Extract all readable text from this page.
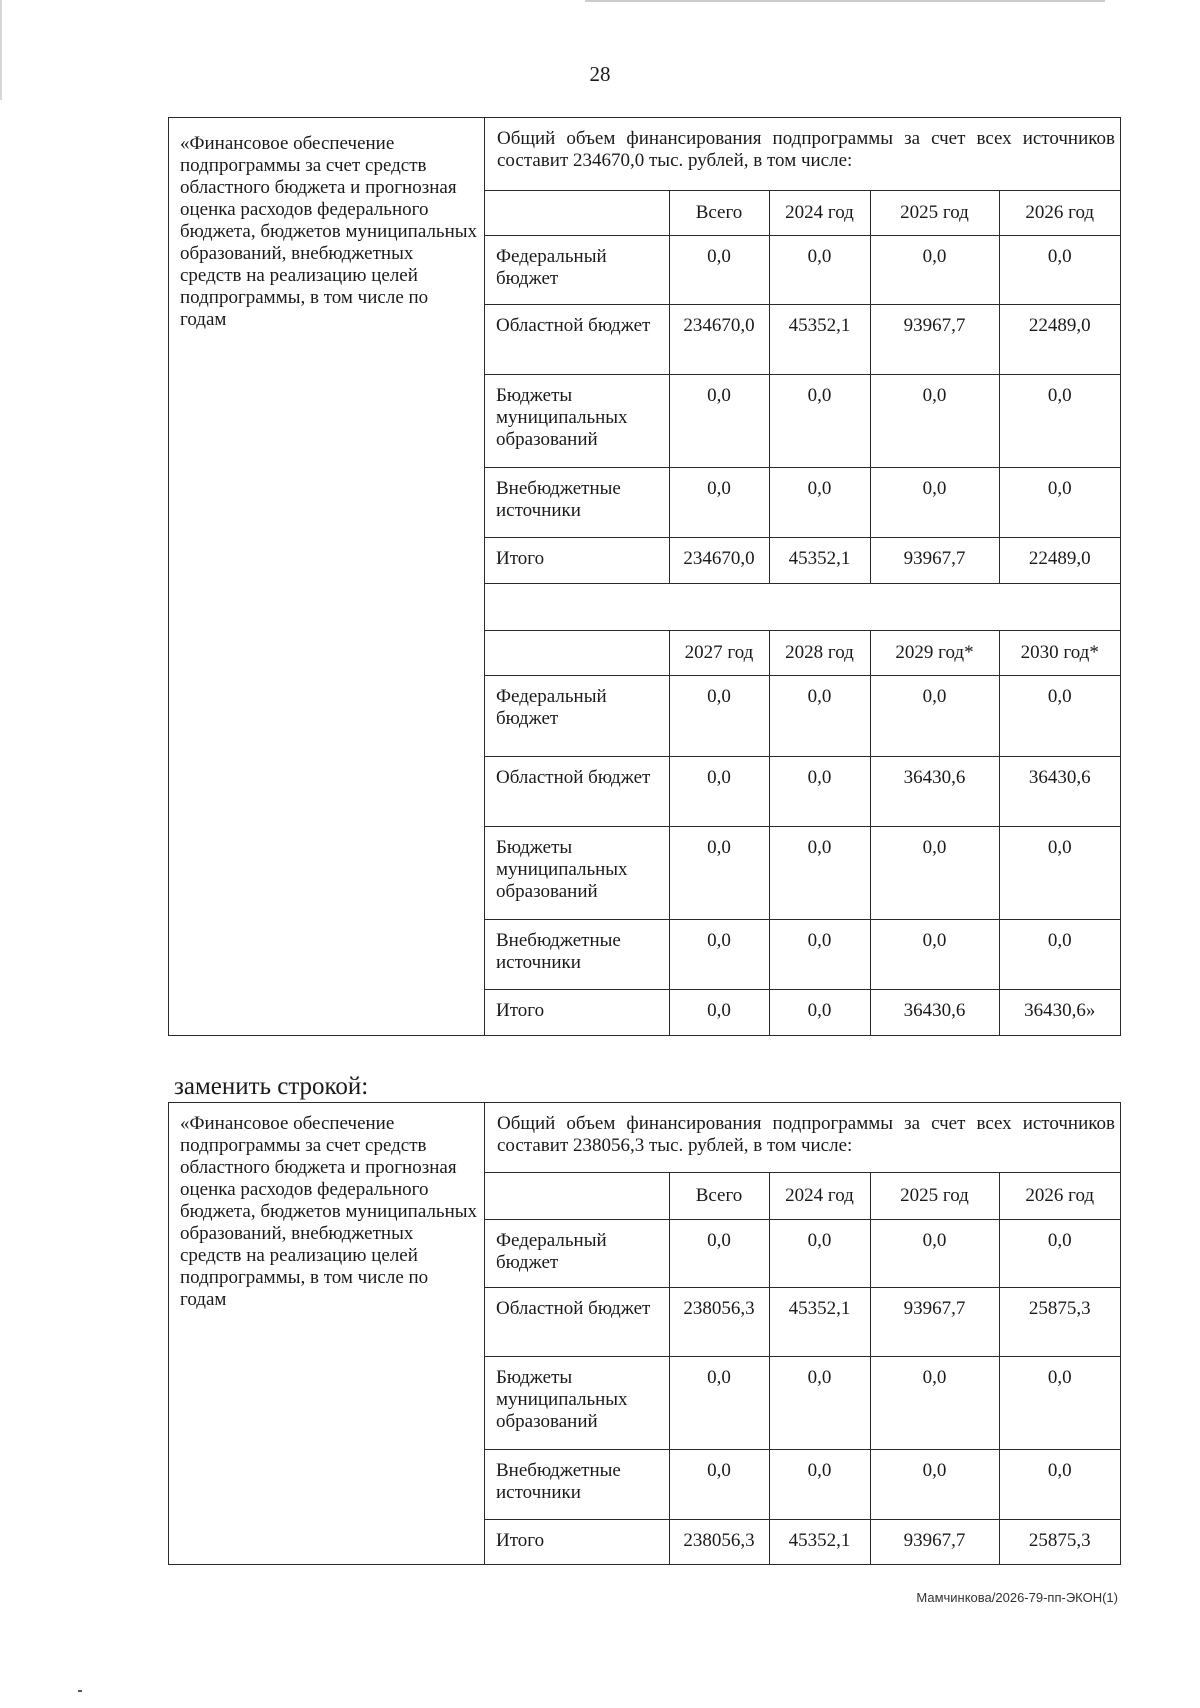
28
«Финансовое обеспечение подпрограммы за счет средств областного бюджета и прогнозная оценка расходов федерального бюджета, бюджетов муниципальных образований, внебюджетных средств на реализацию целей подпрограммы, в том числе по годам
Общий объем финансирования подпрограммы за счет всех источников составит 234670,0 тыс. рублей, в том числе:
	Всего	2024 год	2025 год	2026 год
Федеральный бюджет	0,0	0,0	0,0	0,0
Областной бюджет	234670,0	45352,1	93967,7	22489,0
Бюджеты муниципальных образований	0,0	0,0	0,0	0,0
Внебюджетные источники	0,0	0,0	0,0	0,0
Итого	234670,0	45352,1	93967,7	22489,0

	2027 год	2028 год	2029 год*	2030 год*
Федеральный бюджет	0,0	0,0	0,0	0,0
Областной бюджет	0,0	0,0	36430,6	36430,6
Бюджеты муниципальных образований	0,0	0,0	0,0	0,0
Внебюджетные источники	0,0	0,0	0,0	0,0
Итого	0,0	0,0	36430,6	36430,6»
заменить строкой:
«Финансовое обеспечение подпрограммы за счет средств областного бюджета и прогнозная оценка расходов федерального бюджета, бюджетов муниципальных образований, внебюджетных средств на реализацию целей подпрограммы, в том числе по годам
Общий объем финансирования подпрограммы за счет всех источников составит 238056,3 тыс. рублей, в том числе:
	Всего	2024 год	2025 год	2026 год
Федеральный бюджет	0,0	0,0	0,0	0,0
Областной бюджет	238056,3	45352,1	93967,7	25875,3
Бюджеты муниципальных образований	0,0	0,0	0,0	0,0
Внебюджетные источники	0,0	0,0	0,0	0,0
Итого	238056,3	45352,1	93967,7	25875,3
Мамчинкова/2026-79-пп-ЭКОН(1)
